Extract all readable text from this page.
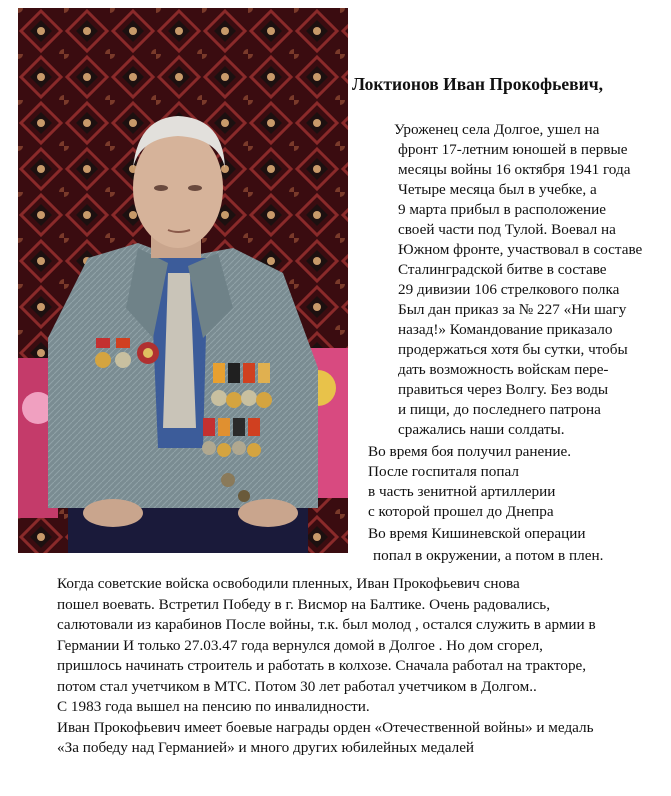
Локтионов Иван Прокофьевич,
Уроженец села Долгое, ушел на
фронт 17-летним юношей в первые
месяцы войны 16 октября 1941 года
Четыре месяца был в учебке, а
9 марта прибыл в расположение
своей части под Тулой. Воевал на
Южном фронте, участвовал в составе
Сталинградской битве в составе
29 дивизии 106 стрелкового полка
Был дан приказ за № 227 «Ни шагу
назад!» Командование приказало
продержаться хотя бы сутки, чтобы
дать возможность войскам пере-
правиться через Волгу. Без воды
и пищи, до последнего патрона
сражались наши солдаты.
Во время боя получил ранение.
После госпиталя попал
в часть зенитной артиллерии
с которой прошел до Днепра
Во время Кишиневской операции
попал в окружении, а потом в плен.
Когда советские войска освободили пленных, Иван Прокофьевич снова
пошел воевать. Встретил Победу в г. Висмор на Балтике. Очень радовались,
салютовали из карабинов После войны, т.к. был молод , остался служить в армии в
Германии И только 27.03.47 года вернулся домой в Долгое . Но дом сгорел,
пришлось начинать строитель и работать в колхозе. Сначала работал на тракторе,
потом стал учетчиком в МТС. Потом 30 лет работал учетчиком в Долгом..
С 1983 года вышел на пенсию по инвалидности.
Иван Прокофьевич имеет боевые награды орден «Отечественной войны» и медаль
«За победу над Германией» и много других юбилейных медалей
